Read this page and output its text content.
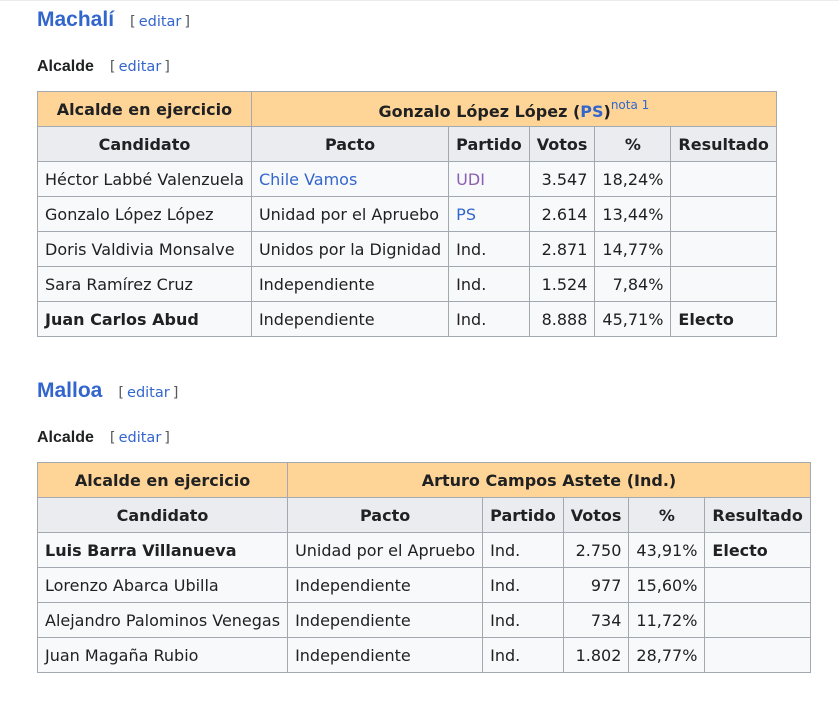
Machalí [ editar ]
Alcalde [ editar ]
Alcalde en ejercicio	Gonzalo López López (PS)$^{nota 1}$
Candidato	Pacto	Partido	Votos	%	Resultado
Héctor Labbé Valenzuela	Chile Vamos	UDI	3.547	18,24%	
Gonzalo López López	Unidad por el Apruebo	PS	2.614	13,44%	
Doris Valdivia Monsalve	Unidos por la Dignidad	Ind.	2.871	14,77%	
Sara Ramírez Cruz	Independiente	Ind.	1.524	7,84%	
Juan Carlos Abud	Independiente	Ind.	8.888	45,71%	Electo
Malloa [ editar ]
Alcalde [ editar ]
Alcalde en ejercicio	Arturo Campos Astete (Ind.)				
Candidato	Pacto	Partido	Votos	%	Resultado
Luis Barra Villanueva	Unidad por el Apruebo	Ind.	2.750	43,91%	Electo
Lorenzo Abarca Ubilla	Independiente	Ind.	977	15,60%	
Alejandro Palominos Venegas	Independiente	Ind.	734	11,72%	
Juan Magaña Rubio	Independiente	Ind.	1.802	28,77%	
